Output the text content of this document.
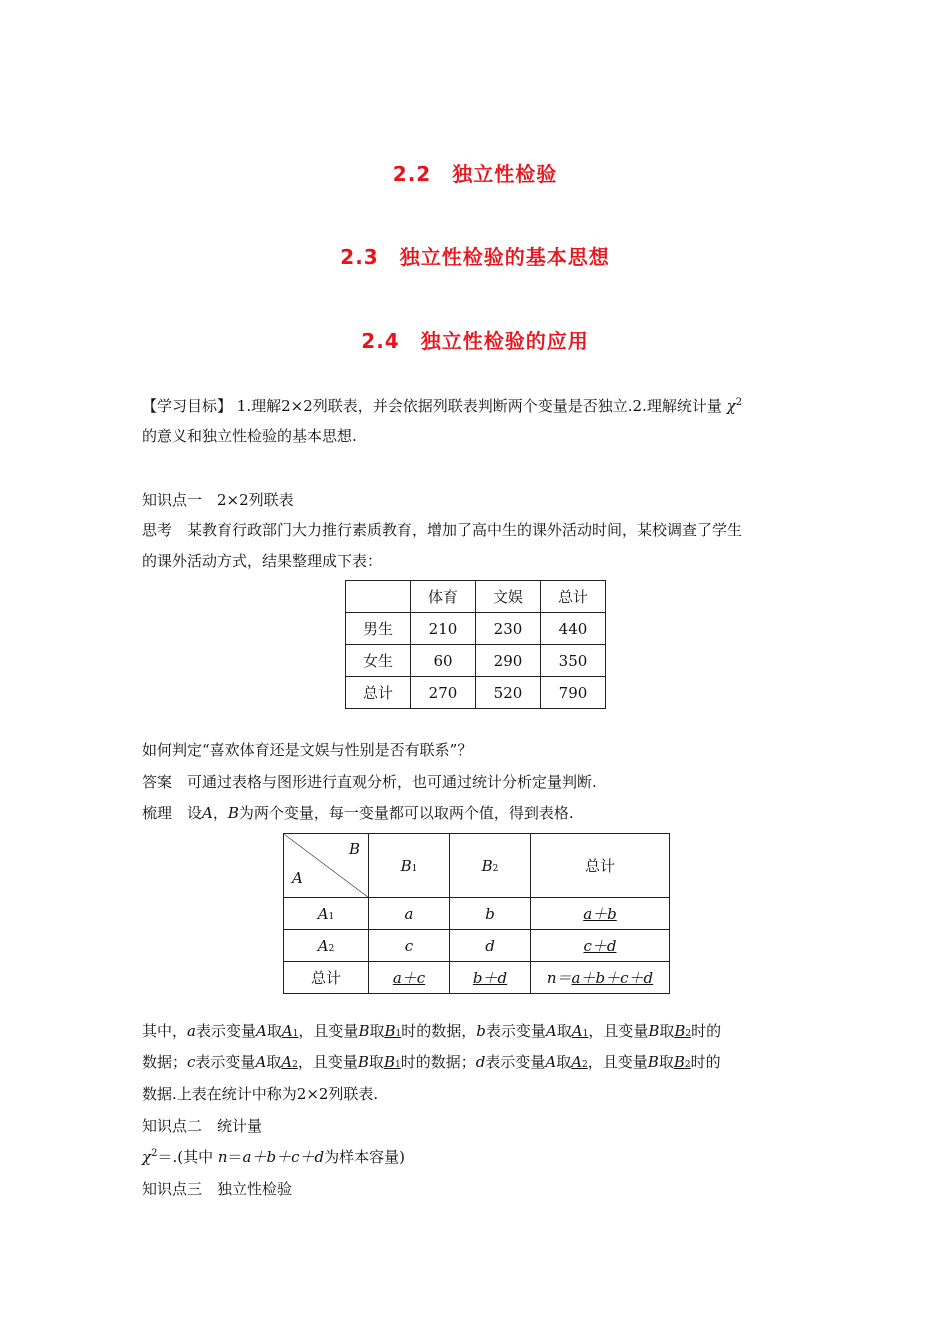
2.2　独立性检验
2.3　独立性检验的基本思想
2.4　独立性检验的应用
【学习目标】 1.理解2×2列联表，并会依据列联表判断两个变量是否独立.2.理解统计量 $\chi^2$
的意义和独立性检验的基本思想.
知识点一　2×2列联表
思考　某教育行政部门大力推行素质教育，增加了高中生的课外活动时间，某校调查了学生
的课外活动方式，结果整理成下表：
	体育	文娱	总计
男生	210	230	440
女生	60	290	350
总计	270	520	790
如何判定“喜欢体育还是文娱与性别是否有联系”？
答案　可通过表格与图形进行直观分析，也可通过统计分析定量判断.
梳理　设A，B为两个变量，每一变量都可以取两个值，得到表格.
B
A	B1	B2	总计
A1	a	b	a＋b
A2	c	d	c＋d
总计	a＋c	b＋d	n＝a＋b＋c＋d
其中，a表示变量A取A1，且变量B取B1时的数据，b表示变量A取A1，且变量B取B2时的
数据；c表示变量A取A2，且变量B取B1时的数据；d表示变量A取A2，且变量B取B2时的
数据.上表在统计中称为2×2列联表.
知识点二　统计量
$\chi^2=$.(其中 n＝a＋b＋c＋d为样本容量)
知识点三　独立性检验
